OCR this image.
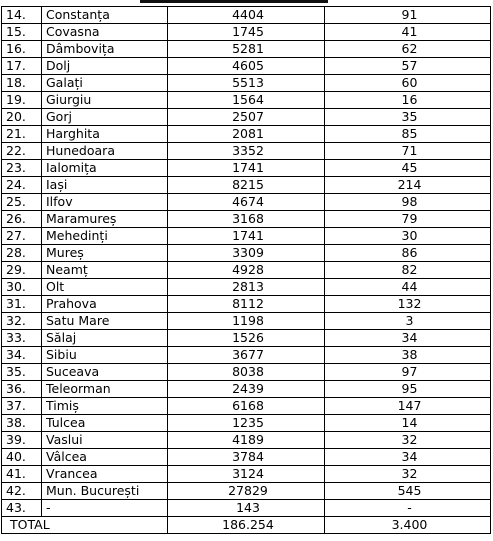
14.	Constanța	4404	91
15.	Covasna	1745	41
16.	Dâmbovița	5281	62
17.	Dolj	4605	57
18.	Galați	5513	60
19.	Giurgiu	1564	16
20.	Gorj	2507	35
21.	Harghita	2081	85
22.	Hunedoara	3352	71
23.	Ialomița	1741	45
24.	Iași	8215	214
25.	Ilfov	4674	98
26.	Maramureș	3168	79
27.	Mehedinți	1741	30
28.	Mureș	3309	86
29.	Neamț	4928	82
30.	Olt	2813	44
31.	Prahova	8112	132
32.	Satu Mare	1198	3
33.	Sălaj	1526	34
34.	Sibiu	3677	38
35.	Suceava	8038	97
36.	Teleorman	2439	95
37.	Timiș	6168	147
38.	Tulcea	1235	14
39.	Vaslui	4189	32
40.	Vâlcea	3784	34
41.	Vrancea	3124	32
42.	Mun. București	27829	545
43.	-	143	-
TOTAL		186.254	3.400
